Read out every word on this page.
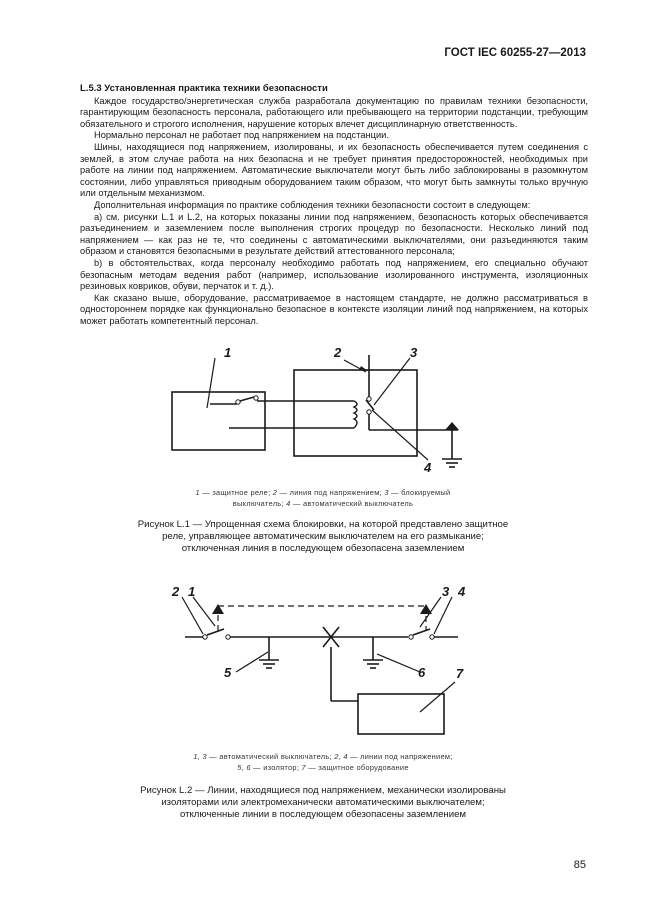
ГОСТ IEC 60255-27—2013
L.5.3 Установленная практика техники безопасности

Каждое государство/энергетическая служба разработала документацию по правилам техники безопасности, гарантирующим безопасность персонала, работающего или пребывающего на территории подстанции, требующим обязательного и строгого исполнения, нарушение которых влечет дисциплинарную ответственность.

Нормально персонал не работает под напряжением на подстанции.

Шины, находящиеся под напряжением, изолированы, и их безопасность обеспечивается путем соединения с землей, в этом случае работа на них безопасна и не требует принятия предосторожностей, необходимых при работе на линии под напряжением. Автоматические выключатели могут быть либо заблокированы в разомкнутом состоянии, либо управляться приводным оборудованием таким образом, что могут быть замкнуты только вручную или отдельным механизмом.

Дополнительная информация по практике соблюдения техники безопасности состоит в следующем:

a) см. рисунки L.1 и L.2, на которых показаны линии под напряжением, безопасность которых обеспечивается разъединением и заземлением после выполнения строгих процедур по безопасности. Несколько линий под напряжением — как раз не те, что соединены с автоматическими выключателями, они разъединяются таким образом и становятся безопасными в результате действий аттестованного персонала;

b) в обстоятельствах, когда персоналу необходимо работать под напряжением, его специально обучают безопасным методам ведения работ (например, использование изолированного инструмента, изоляционных резиновых ковриков, обуви, перчаток и т. д.).

Как сказано выше, оборудование, рассматриваемое в настоящем стандарте, не должно рассматриваться в одностороннем порядке как функционально безопасное в контексте изоляции линий под напряжением, на которых может работать компетентный персонал.

1	2	3
4
1 — защитное реле; 2 — линия под напряжением; 3 — блокируемый
выключатель; 4 — автоматический выключатель
Рисунок L.1 — Упрощенная схема блокировки, на которой представлено защитное
реле, управляющее автоматическим выключателем на его размыкание;
отключенная линия в последующем обезопасена заземлением
2 1	3 4
5	6 7
1, 3 — автоматический выключатель; 2, 4 — линии под напряжением;
5, 6 — изолятор; 7 — защитное оборудование
Рисунок L.2 — Линии, находящиеся под напряжением, механически изолированы
изоляторами или электромеханически автоматическими выключателем;
отключенные линии в последующем обезопасены заземлением
85
